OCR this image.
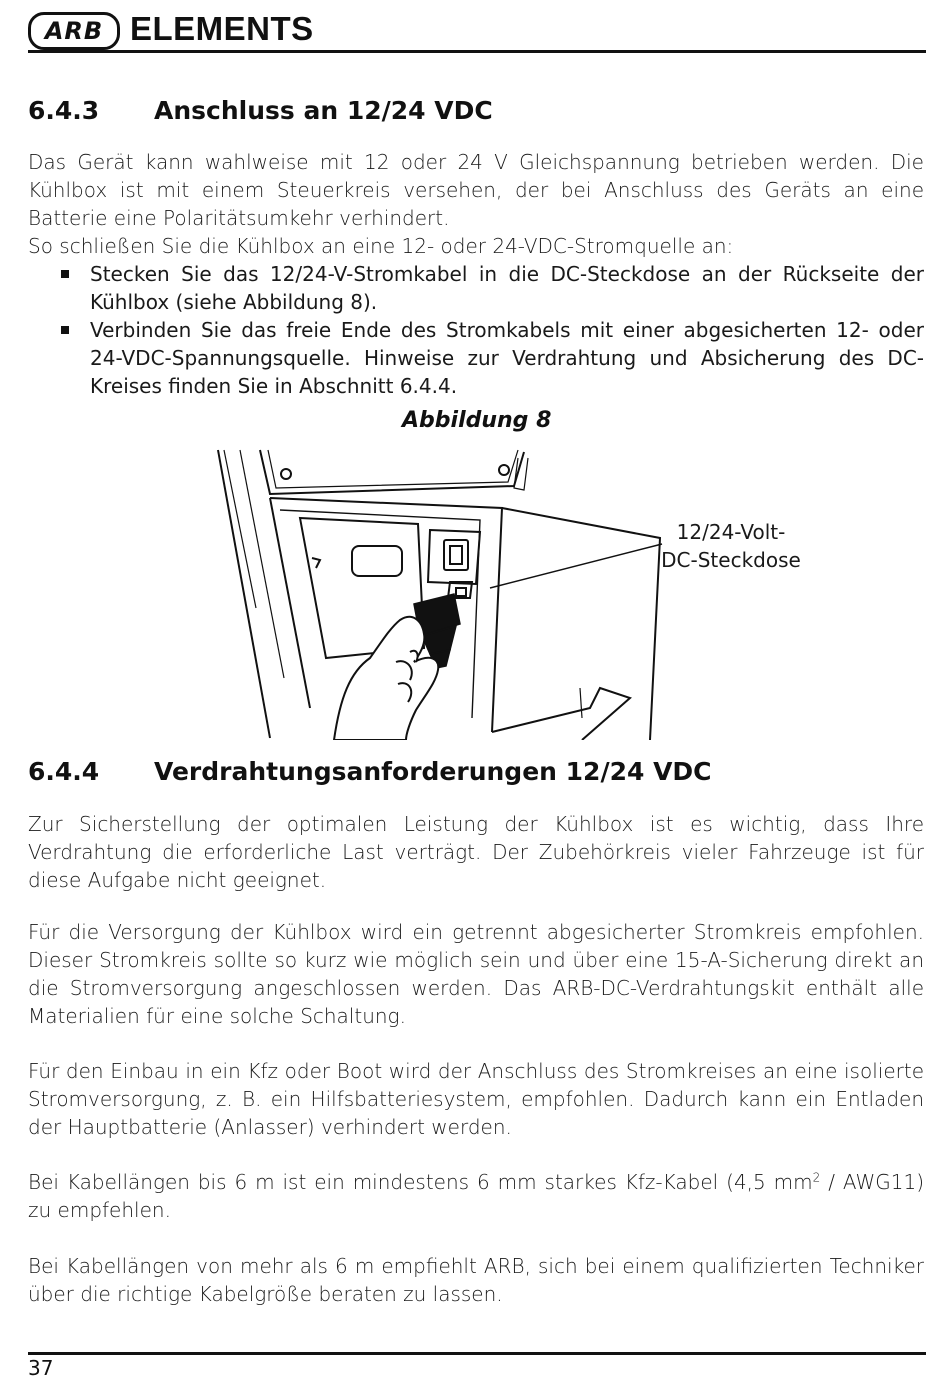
ARB ELEMENTS
6.4.3 Anschluss an 12/24 VDC

Das Gerät kann wahlweise mit 12 oder 24 V Gleichspannung betrieben werden. Die Kühlbox ist mit einem Steuerkreis versehen, der bei Anschluss des Geräts an eine Batterie eine Polaritätsumkehr verhindert.

So schließen Sie die Kühlbox an eine 12- oder 24-VDC-Stromquelle an:

Stecken Sie das 12/24-V-Stromkabel in die DC-Steckdose an der Rückseite der Kühlbox (siehe Abbildung 8).
Verbinden Sie das freie Ende des Stromkabels mit einer abgesicherten 12- oder 24-VDC-Spannungsquelle. Hinweise zur Verdrahtung und Absicherung des DC-Kreises finden Sie in Abschnitt 6.4.4.
Abbildung 8
12/24-Volt-
DC-Steckdose
6.4.4 Verdrahtungsanforderungen 12/24 VDC

Zur Sicherstellung der optimalen Leistung der Kühlbox ist es wichtig, dass Ihre Verdrahtung die erforderliche Last verträgt. Der Zubehörkreis vieler Fahrzeuge ist für diese Aufgabe nicht geeignet.

Für die Versorgung der Kühlbox wird ein getrennt abgesicherter Stromkreis empfohlen. Dieser Stromkreis sollte so kurz wie möglich sein und über eine 15-A-Sicherung direkt an die Stromversorgung angeschlossen werden. Das ARB-DC-Verdrahtungskit enthält alle Materialien für eine solche Schaltung.

Für den Einbau in ein Kfz oder Boot wird der Anschluss des Stromkreises an eine isolierte Stromversorgung, z. B. ein Hilfsbatteriesystem, empfohlen. Dadurch kann ein Entladen der Hauptbatterie (Anlasser) verhindert werden.

Bei Kabellängen bis 6 m ist ein mindestens 6 mm starkes Kfz-Kabel (4,5 $mm^2 / AWG11$) zu empfehlen.

Bei Kabellängen von mehr als 6 m empfiehlt ARB, sich bei einem qualifizierten Techniker über die richtige Kabelgröße beraten zu lassen.

37
